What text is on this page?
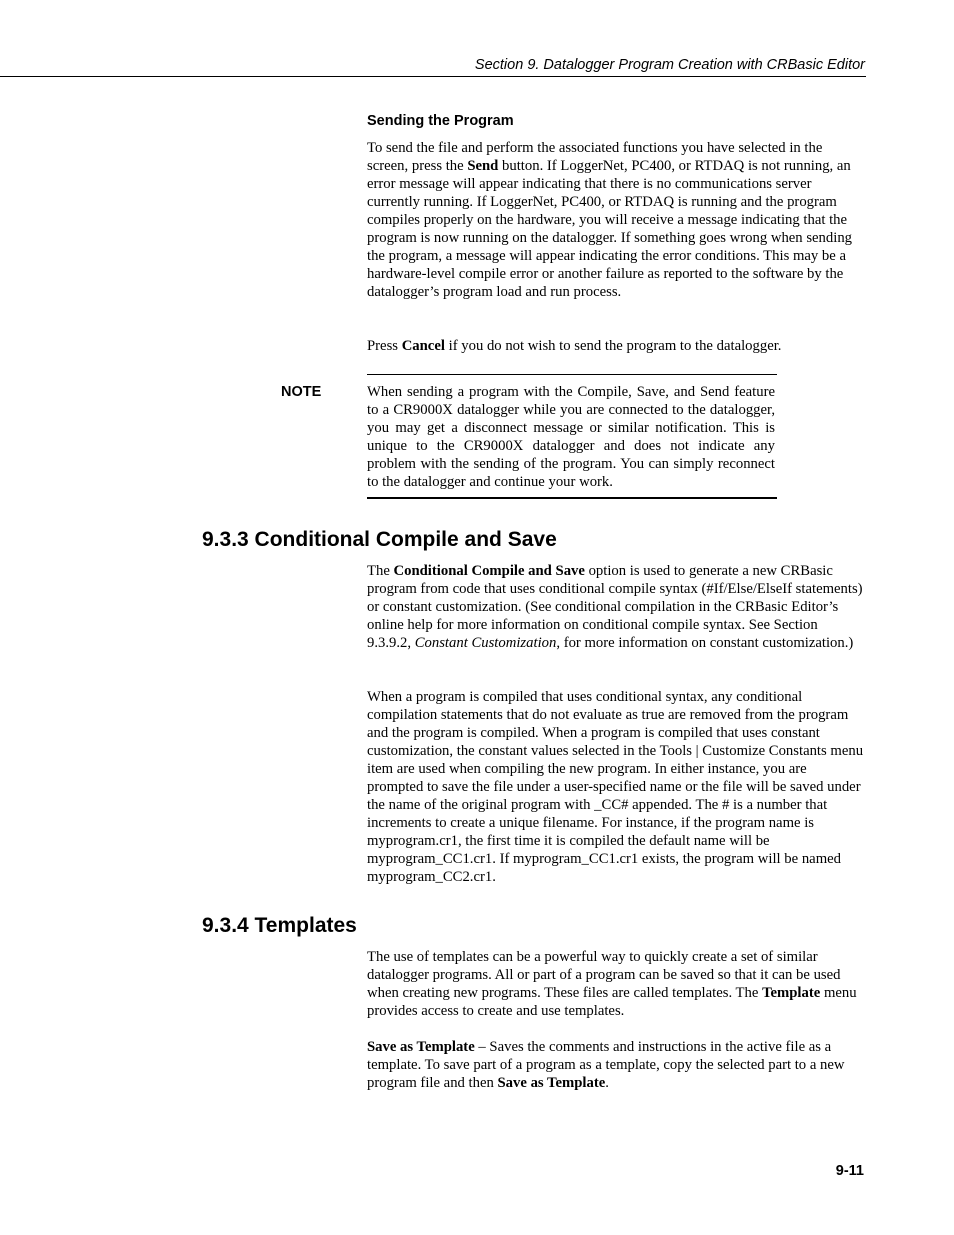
Section 9. Datalogger Program Creation with CRBasic Editor
Sending the Program

To send the file and perform the associated functions you have selected in the screen, press the Send button. If LoggerNet, PC400, or RTDAQ is not running, an error message will appear indicating that there is no communications server currently running. If LoggerNet, PC400, or RTDAQ is running and the program compiles properly on the hardware, you will receive a message indicating that the program is now running on the datalogger. If something goes wrong when sending the program, a message will appear indicating the error conditions. This may be a hardware-level compile error or another failure as reported to the software by the datalogger’s program load and run process.

Press Cancel if you do not wish to send the program to the datalogger.

NOTE	When sending a program with the Compile, Save, and Send feature to a CR9000X datalogger while you are connected to the datalogger, you may get a disconnect message or similar notification. This is unique to the CR9000X datalogger and does not indicate any problem with the sending of the program. You can simply reconnect to the datalogger and continue your work.
9.3.3 Conditional Compile and Save

The Conditional Compile and Save option is used to generate a new CRBasic program from code that uses conditional compile syntax (#If/Else/ElseIf statements) or constant customization. (See conditional compilation in the CRBasic Editor’s online help for more information on conditional compile syntax. See Section 9.3.9.2, Constant Customization, for more information on constant customization.)

When a program is compiled that uses conditional syntax, any conditional compilation statements that do not evaluate as true are removed from the program and the program is compiled. When a program is compiled that uses constant customization, the constant values selected in the Tools | Customize Constants menu item are used when compiling the new program. In either instance, you are prompted to save the file under a user-specified name or the file will be saved under the name of the original program with _CC# appended. The # is a number that increments to create a unique filename. For instance, if the program name is myprogram.cr1, the first time it is compiled the default name will be myprogram_CC1.cr1. If myprogram_CC1.cr1 exists, the program will be named myprogram_CC2.cr1.

9.3.4 Templates

The use of templates can be a powerful way to quickly create a set of similar datalogger programs. All or part of a program can be saved so that it can be used when creating new programs. These files are called templates. The Template menu provides access to create and use templates.

Save as Template – Saves the comments and instructions in the active file as a template. To save part of a program as a template, copy the selected part to a new program file and then Save as Template.

9-11
